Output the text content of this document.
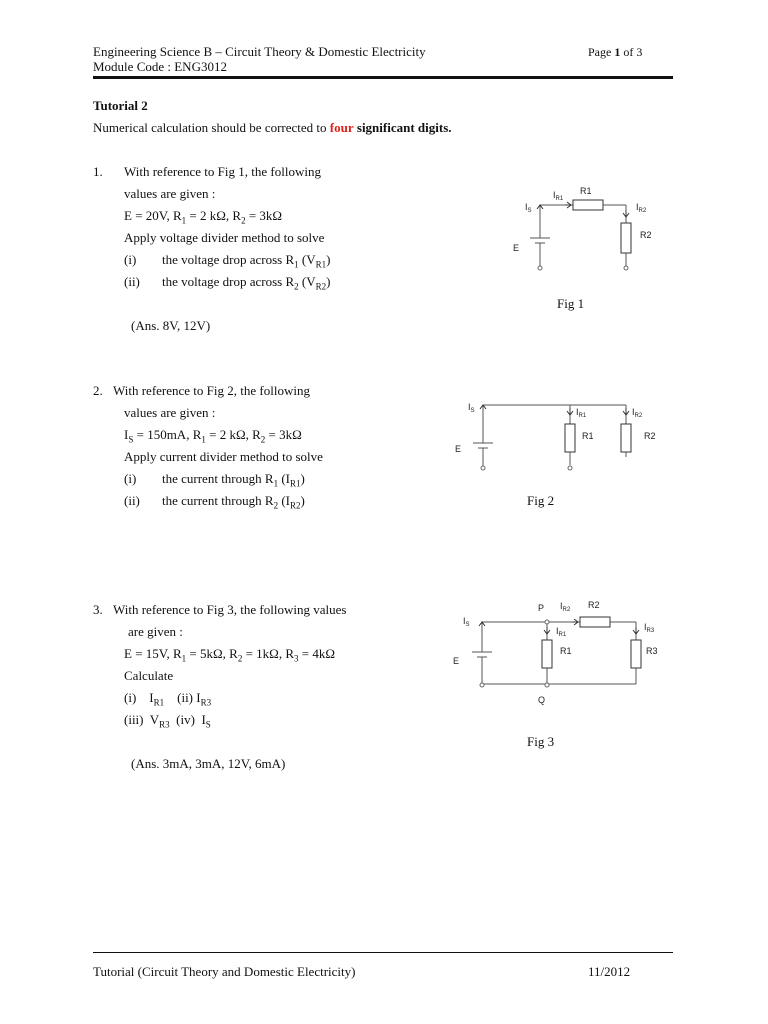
Engineering Science B – Circuit Theory & Domestic Electricity
Module Code : ENG3012
Page 1 of 3
Tutorial 2
Numerical calculation should be corrected to four significant digits.
1. With reference to Fig 1, the following
values are given :
E = 20V, $R_1 = 2$ kΩ, $R_2 = 3k\Omega$
Apply voltage divider method to solve
(i) the voltage drop across $R_1$ $(V_{R1})$
(ii) the voltage drop across $R_2$ $(V_{R2})$
(Ans. 8V, 12V)
Fig 1
$I_S$
$I_{R1}$
R1
$I_{R2}$
R2
E
2. With reference to Fig 2, the following
values are given :
$I_S = 150mA$, $R_1 = 2$ kΩ, $R_2 = 3k\Omega$
Apply current divider method to solve
(i) the current through $R_1$ $(I_{R1})$
(ii) the current through $R_2$ $(I_{R2})$	Fig 2
$I_S$	$I_{R1}$	$I_{R2}$
R1	R2
E
3. With reference to Fig 3, the following values
are given :
E = 15V, $R_1 = 5k\Omega$, $R_2 = 1k\Omega$, $R_3 = 4k\Omega$
Calculate
(i)    $I_{R1}$    (ii) $I_{R3}$
(iii)  $V_{R3}$  (iv)  $I_S$
(Ans. 3mA, 3mA, 12V, 6mA)
Fig 3
P
Q
$I_S$
$I_{R2}$ R2
$I_{R1}$
R1
$I_{R3}$
R3
E
Tutorial (Circuit Theory and Domestic Electricity)	11/2012
